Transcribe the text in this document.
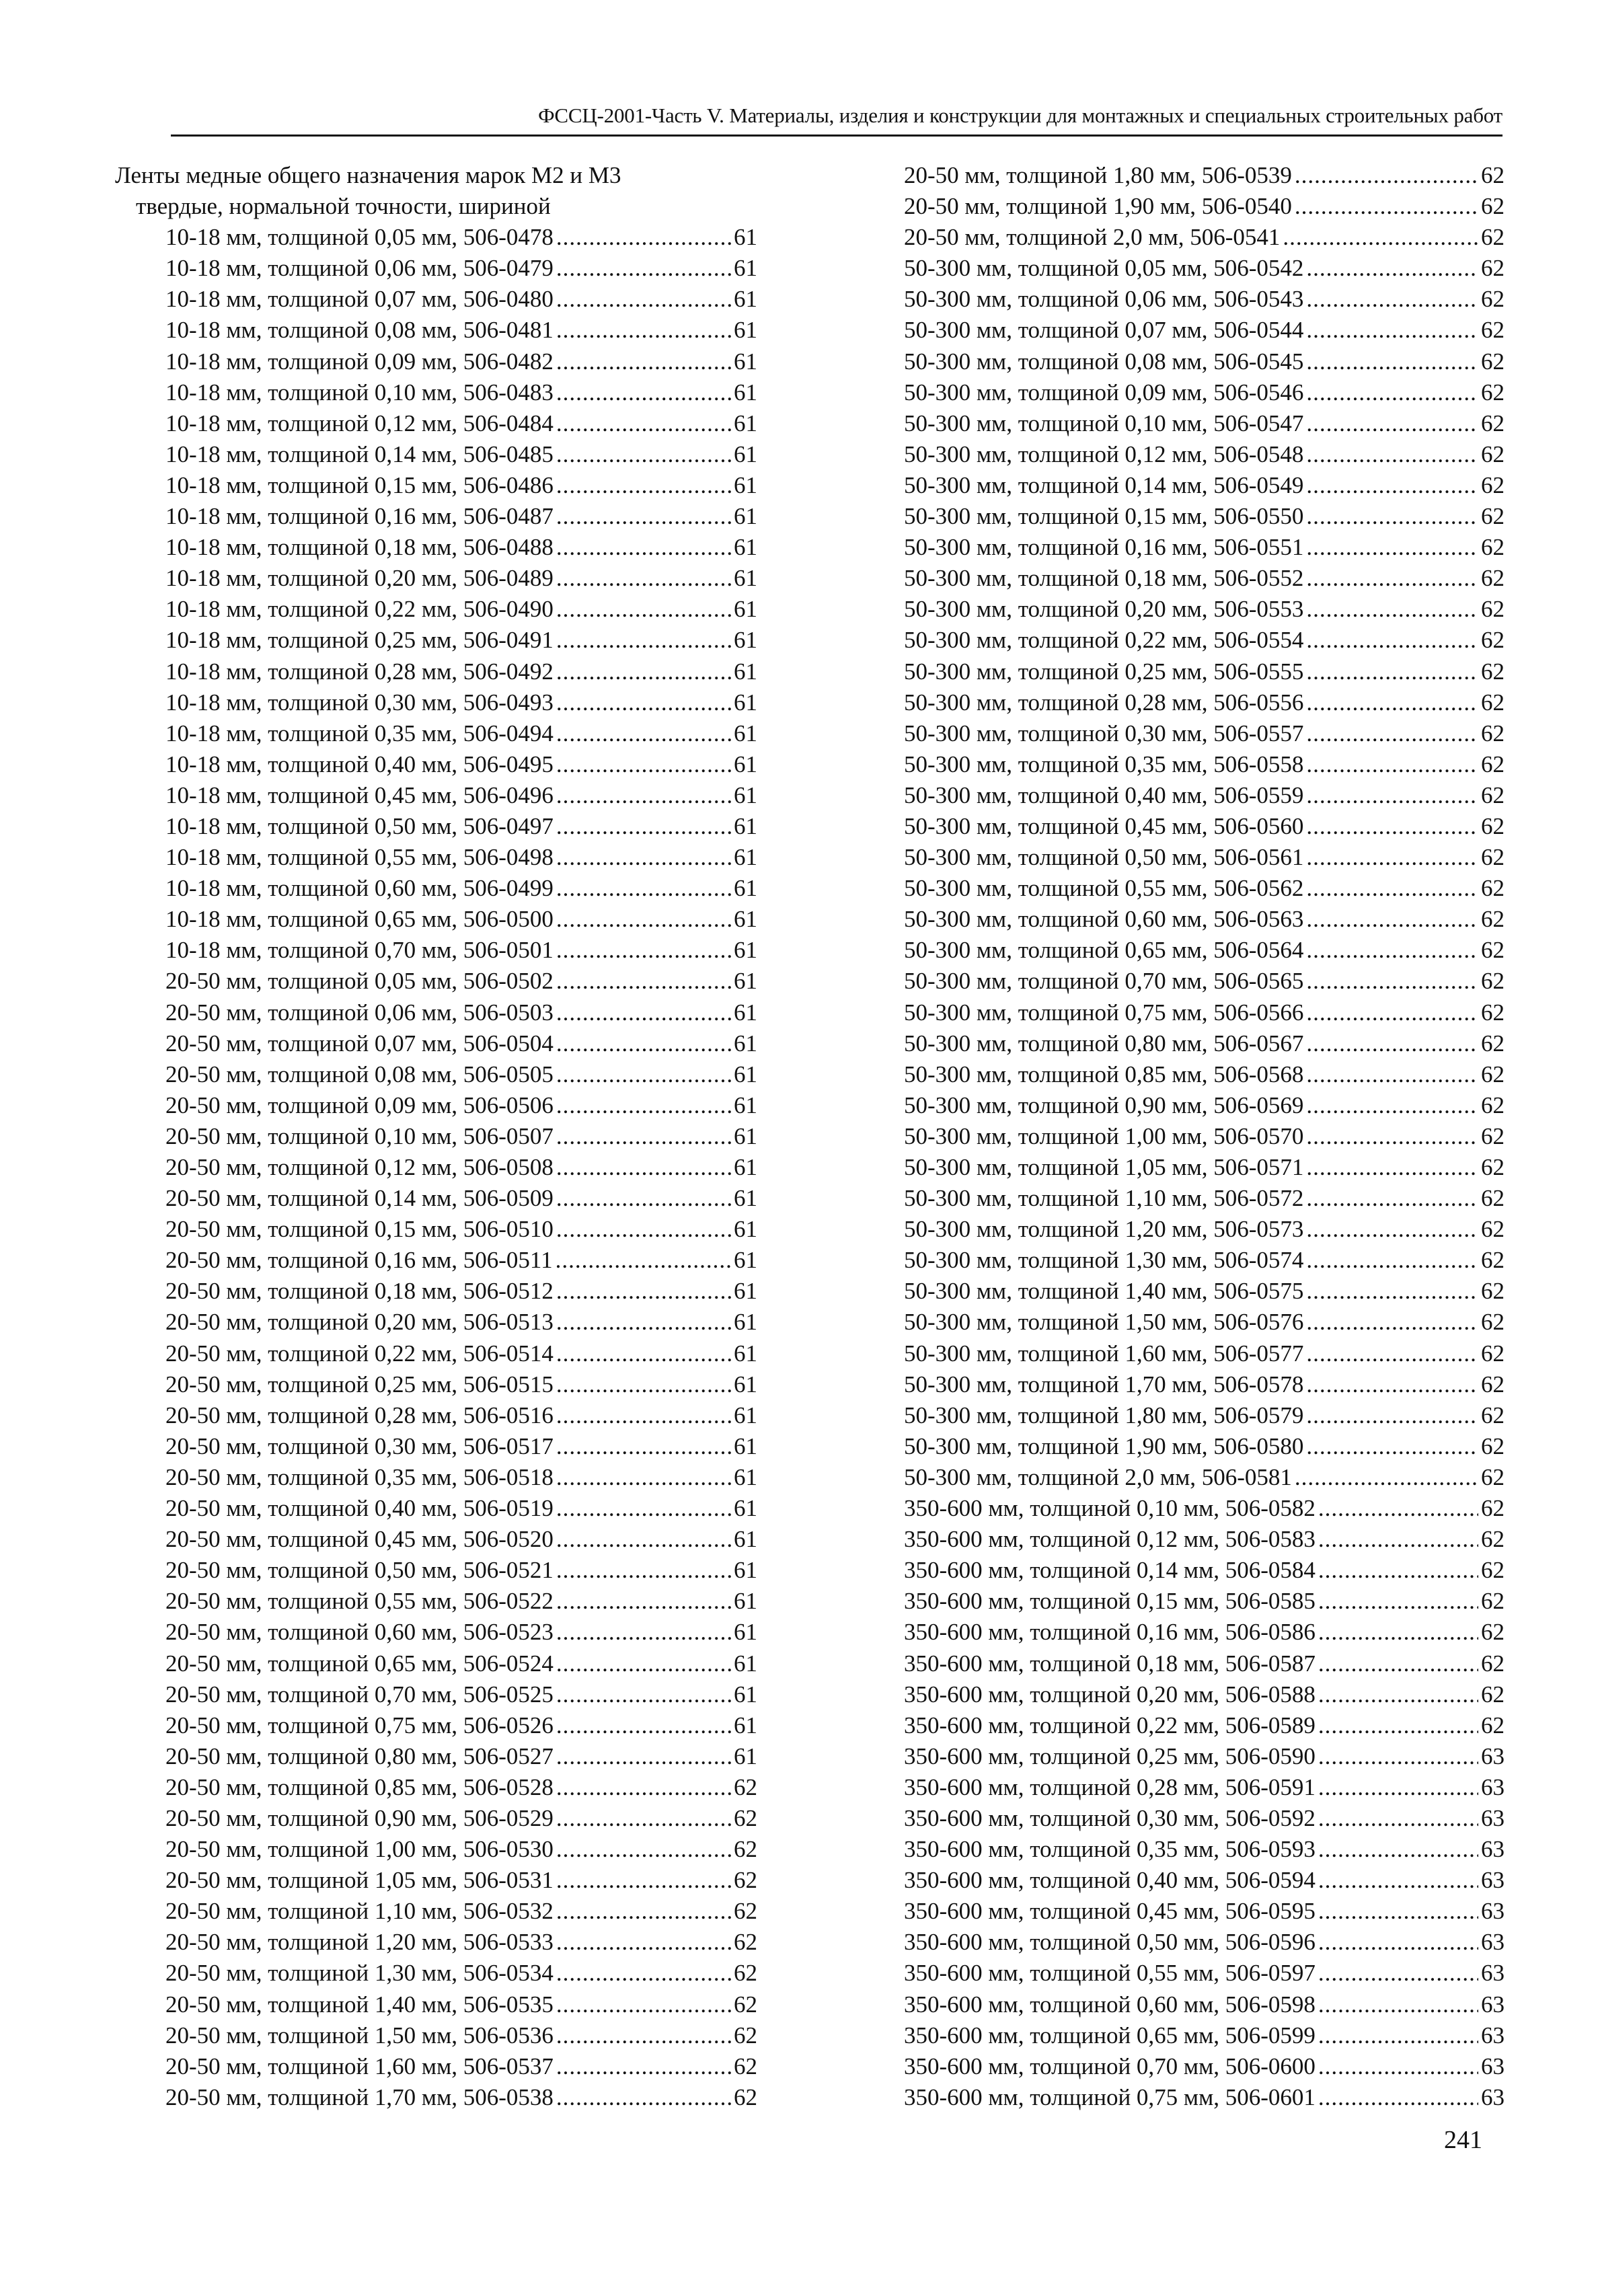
ФССЦ-2001-Часть V. Материалы, изделия и конструкции для монтажных и специальных строительных работ
Ленты медные общего назначения марок М2 и М3
твердые, нормальной точности, шириной
10-18 мм, толщиной 0,05 мм, 506-0478 .....	61
10-18 мм, толщиной 0,06 мм, 506-0479 .....	61
10-18 мм, толщиной 0,07 мм, 506-0480 .....	61
10-18 мм, толщиной 0,08 мм, 506-0481 .....	61
10-18 мм, толщиной 0,09 мм, 506-0482 .....	61
10-18 мм, толщиной 0,10 мм, 506-0483 .....	61
10-18 мм, толщиной 0,12 мм, 506-0484 .....	61
10-18 мм, толщиной 0,14 мм, 506-0485 .....	61
10-18 мм, толщиной 0,15 мм, 506-0486 .....	61
10-18 мм, толщиной 0,16 мм, 506-0487 .....	61
10-18 мм, толщиной 0,18 мм, 506-0488 .....	61
10-18 мм, толщиной 0,20 мм, 506-0489 .....	61
10-18 мм, толщиной 0,22 мм, 506-0490 .....	61
10-18 мм, толщиной 0,25 мм, 506-0491 .....	61
10-18 мм, толщиной 0,28 мм, 506-0492 .....	61
10-18 мм, толщиной 0,30 мм, 506-0493 .....	61
10-18 мм, толщиной 0,35 мм, 506-0494 .....	61
10-18 мм, толщиной 0,40 мм, 506-0495 .....	61
10-18 мм, толщиной 0,45 мм, 506-0496 .....	61
10-18 мм, толщиной 0,50 мм, 506-0497 .....	61
10-18 мм, толщиной 0,55 мм, 506-0498 .....	61
10-18 мм, толщиной 0,60 мм, 506-0499 .....	61
10-18 мм, толщиной 0,65 мм, 506-0500 .....	61
10-18 мм, толщиной 0,70 мм, 506-0501 .....	61
20-50 мм, толщиной 0,05 мм, 506-0502 .....	61
20-50 мм, толщиной 0,06 мм, 506-0503 .....	61
20-50 мм, толщиной 0,07 мм, 506-0504 .....	61
20-50 мм, толщиной 0,08 мм, 506-0505 .....	61
20-50 мм, толщиной 0,09 мм, 506-0506 .....	61
20-50 мм, толщиной 0,10 мм, 506-0507 .....	61
20-50 мм, толщиной 0,12 мм, 506-0508 .....	61
20-50 мм, толщиной 0,14 мм, 506-0509 .....	61
20-50 мм, толщиной 0,15 мм, 506-0510 .....	61
20-50 мм, толщиной 0,16 мм, 506-0511 .....	61
20-50 мм, толщиной 0,18 мм, 506-0512 .....	61
20-50 мм, толщиной 0,20 мм, 506-0513 .....	61
20-50 мм, толщиной 0,22 мм, 506-0514 .....	61
20-50 мм, толщиной 0,25 мм, 506-0515 .....	61
20-50 мм, толщиной 0,28 мм, 506-0516 .....	61
20-50 мм, толщиной 0,30 мм, 506-0517 .....	61
20-50 мм, толщиной 0,35 мм, 506-0518 .....	61
20-50 мм, толщиной 0,40 мм, 506-0519 .....	61
20-50 мм, толщиной 0,45 мм, 506-0520 .....	61
20-50 мм, толщиной 0,50 мм, 506-0521 .....	61
20-50 мм, толщиной 0,55 мм, 506-0522 .....	61
20-50 мм, толщиной 0,60 мм, 506-0523 .....	61
20-50 мм, толщиной 0,65 мм, 506-0524 .....	61
20-50 мм, толщиной 0,70 мм, 506-0525 .....	61
20-50 мм, толщиной 0,75 мм, 506-0526 .....	61
20-50 мм, толщиной 0,80 мм, 506-0527 .....	61
20-50 мм, толщиной 0,85 мм, 506-0528 .....	62
20-50 мм, толщиной 0,90 мм, 506-0529 .....	62
20-50 мм, толщиной 1,00 мм, 506-0530 .....	62
20-50 мм, толщиной 1,05 мм, 506-0531 .....	62
20-50 мм, толщиной 1,10 мм, 506-0532 .....	62
20-50 мм, толщиной 1,20 мм, 506-0533 .....	62
20-50 мм, толщиной 1,30 мм, 506-0534 .....	62
20-50 мм, толщиной 1,40 мм, 506-0535 .....	62
20-50 мм, толщиной 1,50 мм, 506-0536 .....	62
20-50 мм, толщиной 1,60 мм, 506-0537 .....	62
20-50 мм, толщиной 1,70 мм, 506-0538 .....	62
20-50 мм, толщиной 1,80 мм, 506-0539 .....	62
20-50 мм, толщиной 1,90 мм, 506-0540 .....	62
20-50 мм, толщиной 2,0 мм, 506-0541 .....	62
50-300 мм, толщиной 0,05 мм, 506-0542 .....	62
50-300 мм, толщиной 0,06 мм, 506-0543 .....	62
50-300 мм, толщиной 0,07 мм, 506-0544 .....	62
50-300 мм, толщиной 0,08 мм, 506-0545 .....	62
50-300 мм, толщиной 0,09 мм, 506-0546 .....	62
50-300 мм, толщиной 0,10 мм, 506-0547 .....	62
50-300 мм, толщиной 0,12 мм, 506-0548 .....	62
50-300 мм, толщиной 0,14 мм, 506-0549 .....	62
50-300 мм, толщиной 0,15 мм, 506-0550 .....	62
50-300 мм, толщиной 0,16 мм, 506-0551 .....	62
50-300 мм, толщиной 0,18 мм, 506-0552 .....	62
50-300 мм, толщиной 0,20 мм, 506-0553 .....	62
50-300 мм, толщиной 0,22 мм, 506-0554 .....	62
50-300 мм, толщиной 0,25 мм, 506-0555 .....	62
50-300 мм, толщиной 0,28 мм, 506-0556 .....	62
50-300 мм, толщиной 0,30 мм, 506-0557 .....	62
50-300 мм, толщиной 0,35 мм, 506-0558 .....	62
50-300 мм, толщиной 0,40 мм, 506-0559 .....	62
50-300 мм, толщиной 0,45 мм, 506-0560 .....	62
50-300 мм, толщиной 0,50 мм, 506-0561 .....	62
50-300 мм, толщиной 0,55 мм, 506-0562 .....	62
50-300 мм, толщиной 0,60 мм, 506-0563 .....	62
50-300 мм, толщиной 0,65 мм, 506-0564 .....	62
50-300 мм, толщиной 0,70 мм, 506-0565 .....	62
50-300 мм, толщиной 0,75 мм, 506-0566 .....	62
50-300 мм, толщиной 0,80 мм, 506-0567 .....	62
50-300 мм, толщиной 0,85 мм, 506-0568 .....	62
50-300 мм, толщиной 0,90 мм, 506-0569 .....	62
50-300 мм, толщиной 1,00 мм, 506-0570 .....	62
50-300 мм, толщиной 1,05 мм, 506-0571 .....	62
50-300 мм, толщиной 1,10 мм, 506-0572 .....	62
50-300 мм, толщиной 1,20 мм, 506-0573 .....	62
50-300 мм, толщиной 1,30 мм, 506-0574 .....	62
50-300 мм, толщиной 1,40 мм, 506-0575 .....	62
50-300 мм, толщиной 1,50 мм, 506-0576 .....	62
50-300 мм, толщиной 1,60 мм, 506-0577 .....	62
50-300 мм, толщиной 1,70 мм, 506-0578 .....	62
50-300 мм, толщиной 1,80 мм, 506-0579 .....	62
50-300 мм, толщиной 1,90 мм, 506-0580 .....	62
50-300 мм, толщиной 2,0 мм, 506-0581 .....	62
350-600 мм, толщиной 0,10 мм, 506-0582 .....	62
350-600 мм, толщиной 0,12 мм, 506-0583 .....	62
350-600 мм, толщиной 0,14 мм, 506-0584 .....	62
350-600 мм, толщиной 0,15 мм, 506-0585 .....	62
350-600 мм, толщиной 0,16 мм, 506-0586 .....	62
350-600 мм, толщиной 0,18 мм, 506-0587 .....	62
350-600 мм, толщиной 0,20 мм, 506-0588 .....	62
350-600 мм, толщиной 0,22 мм, 506-0589 .....	62
350-600 мм, толщиной 0,25 мм, 506-0590 .....	63
350-600 мм, толщиной 0,28 мм, 506-0591 .....	63
350-600 мм, толщиной 0,30 мм, 506-0592 .....	63
350-600 мм, толщиной 0,35 мм, 506-0593 .....	63
350-600 мм, толщиной 0,40 мм, 506-0594 .....	63
350-600 мм, толщиной 0,45 мм, 506-0595 .....	63
350-600 мм, толщиной 0,50 мм, 506-0596 .....	63
350-600 мм, толщиной 0,55 мм, 506-0597 .....	63
350-600 мм, толщиной 0,60 мм, 506-0598 .....	63
350-600 мм, толщиной 0,65 мм, 506-0599 .....	63
350-600 мм, толщиной 0,70 мм, 506-0600 .....	63
350-600 мм, толщиной 0,75 мм, 506-0601 .....	63
241
